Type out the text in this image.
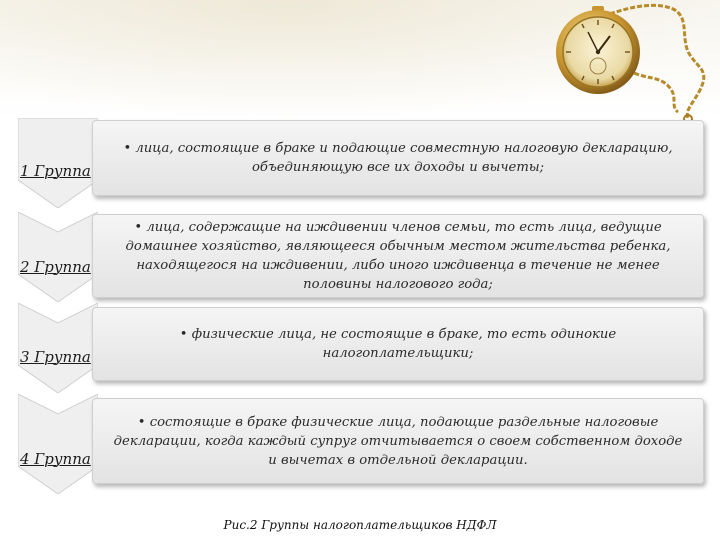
1 Группа
• лица, состоящие в браке и подающие совместную налоговую декларацию, объединяющую все их доходы и вычеты;
2 Группа
• лица, содержащие на иждивении членов семьи, то есть лица, ведущие домашнее хозяйство, являющееся обычным местом жительства ребенка, находящегося на иждивении, либо иного иждивенца в течение не менее половины налогового года;
3 Группа
• физические лица, не состоящие в браке, то есть одинокие налогоплательщики;
4 Группа
• состоящие в браке физические лица, подающие раздельные налоговые декларации, когда каждый супруг отчитывается о своем собственном доходе и вычетах в отдельной декларации.
Рис.2 Группы налогоплательщиков НДФЛ
